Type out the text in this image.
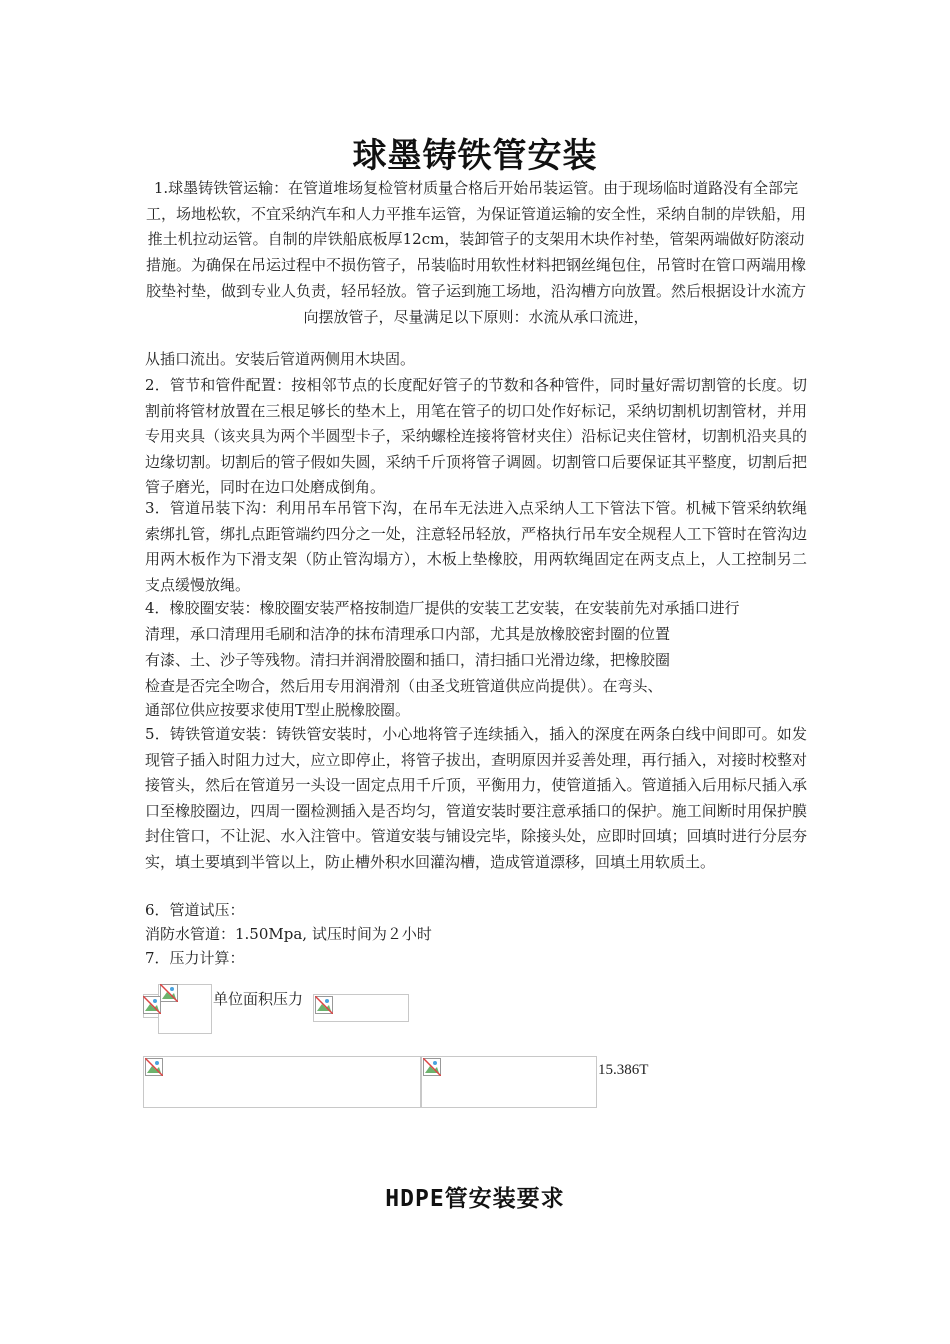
球墨铸铁管安装
1.球墨铸铁管运输：在管道堆场复检管材质量合格后开始吊装运管。由于现场临时道路没有全部完工，场地松软，不宜采纳汽车和人力平推车运管，为保证管道运输的安全性，采纳自制的岸铁船，用推土机拉动运管。自制的岸铁船底板厚12cm，装卸管子的支架用木块作衬垫，管架两端做好防滚动措施。为确保在吊运过程中不损伤管子，吊装临时用软性材料把钢丝绳包住，吊管时在管口两端用橡胶垫衬垫，做到专业人负责，轻吊轻放。管子运到施工场地，沿沟槽方向放置。然后根据设计水流方向摆放管子，尽量满足以下原则：水流从承口流进，
从插口流出。安装后管道两侧用木块固。
2．管节和管件配置：按相邻节点的长度配好管子的节数和各种管件，同时量好需切割管的长度。切割前将管材放置在三根足够长的垫木上，用笔在管子的切口处作好标记，采纳切割机切割管材，并用专用夹具（该夹具为两个半圆型卡子，采纳螺栓连接将管材夹住）沿标记夹住管材，切割机沿夹具的边缘切割。切割后的管子假如失圆，采纳千斤顶将管子调圆。切割管口后要保证其平整度，切割后把管子磨光，同时在边口处磨成倒角。
3．管道吊装下沟：利用吊车吊管下沟，在吊车无法进入点采纳人工下管法下管。机械下管采纳软绳索绑扎管，绑扎点距管端约四分之一处，注意轻吊轻放，严格执行吊车安全规程人工下管时在管沟边用两木板作为下滑支架（防止管沟塌方），木板上垫橡胶，用两软绳固定在两支点上，人工控制另二支点缓慢放绳。
4．橡胶圈安装：橡胶圈安装严格按制造厂提供的安装工艺安装，在安装前先对承插口进行
清理，承口清理用毛刷和洁净的抹布清理承口内部，尤其是放橡胶密封圈的位置
有漆、土、沙子等残物。清扫并润滑胶圈和插口，清扫插口光滑边缘，把橡胶圈
检查是否完全吻合，然后用专用润滑剂（由圣戈班管道供应尚提供）。在弯头、
通部位供应按要求使用T型止脱橡胶圈。
5．铸铁管道安装：铸铁管安装时，小心地将管子连续插入，插入的深度在两条白线中间即可。如发现管子插入时阻力过大，应立即停止，将管子拔出，查明原因并妥善处理，再行插入，对接时校整对接管头，然后在管道另一头设一固定点用千斤顶，平衡用力，使管道插入。管道插入后用标尺插入承口至橡胶圈边，四周一圈检测插入是否均匀，管道安装时要注意承插口的保护。施工间断时用保护膜封住管口，不让泥、水入注管中。管道安装与铺设完毕，除接头处，应即时回填；回填时进行分层夯实，填土要填到半管以上，防止槽外积水回灌沟槽，造成管道漂移，回填土用软质土。
6．管道试压：
消防水管道：1.50Mpa, 试压时间为２小时
7．压力计算：
单位面积压力
15.386T
HDPE管安装要求
